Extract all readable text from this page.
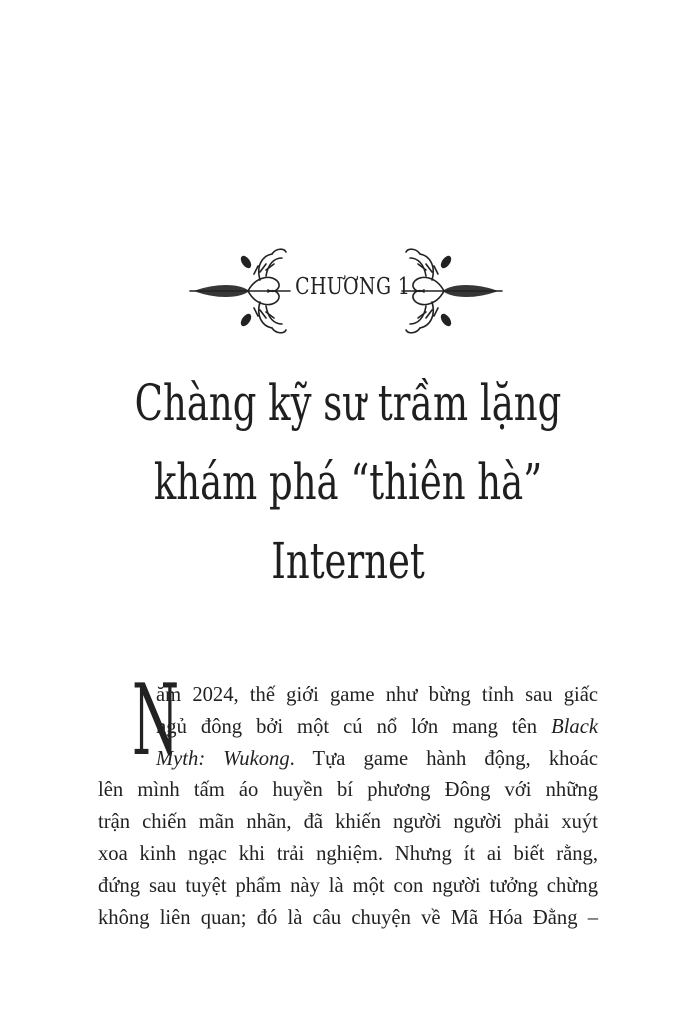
CHƯƠNG 1
Chàng kỹ sư trầm lặng
khám phá “thiên hà”
Internet
N
ăm 2024, thế giới game như bừng tỉnh sau giấc
ngủ đông bởi một cú nổ lớn mang tên Black
Myth: Wukong. Tựa game hành động, khoác
lên mình tấm áo huyền bí phương Đông với những
trận chiến mãn nhãn, đã khiến người người phải xuýt
xoa kinh ngạc khi trải nghiệm. Nhưng ít ai biết rằng,
đứng sau tuyệt phẩm này là một con người tưởng chừng
không liên quan; đó là câu chuyện về Mã Hóa Đằng –
